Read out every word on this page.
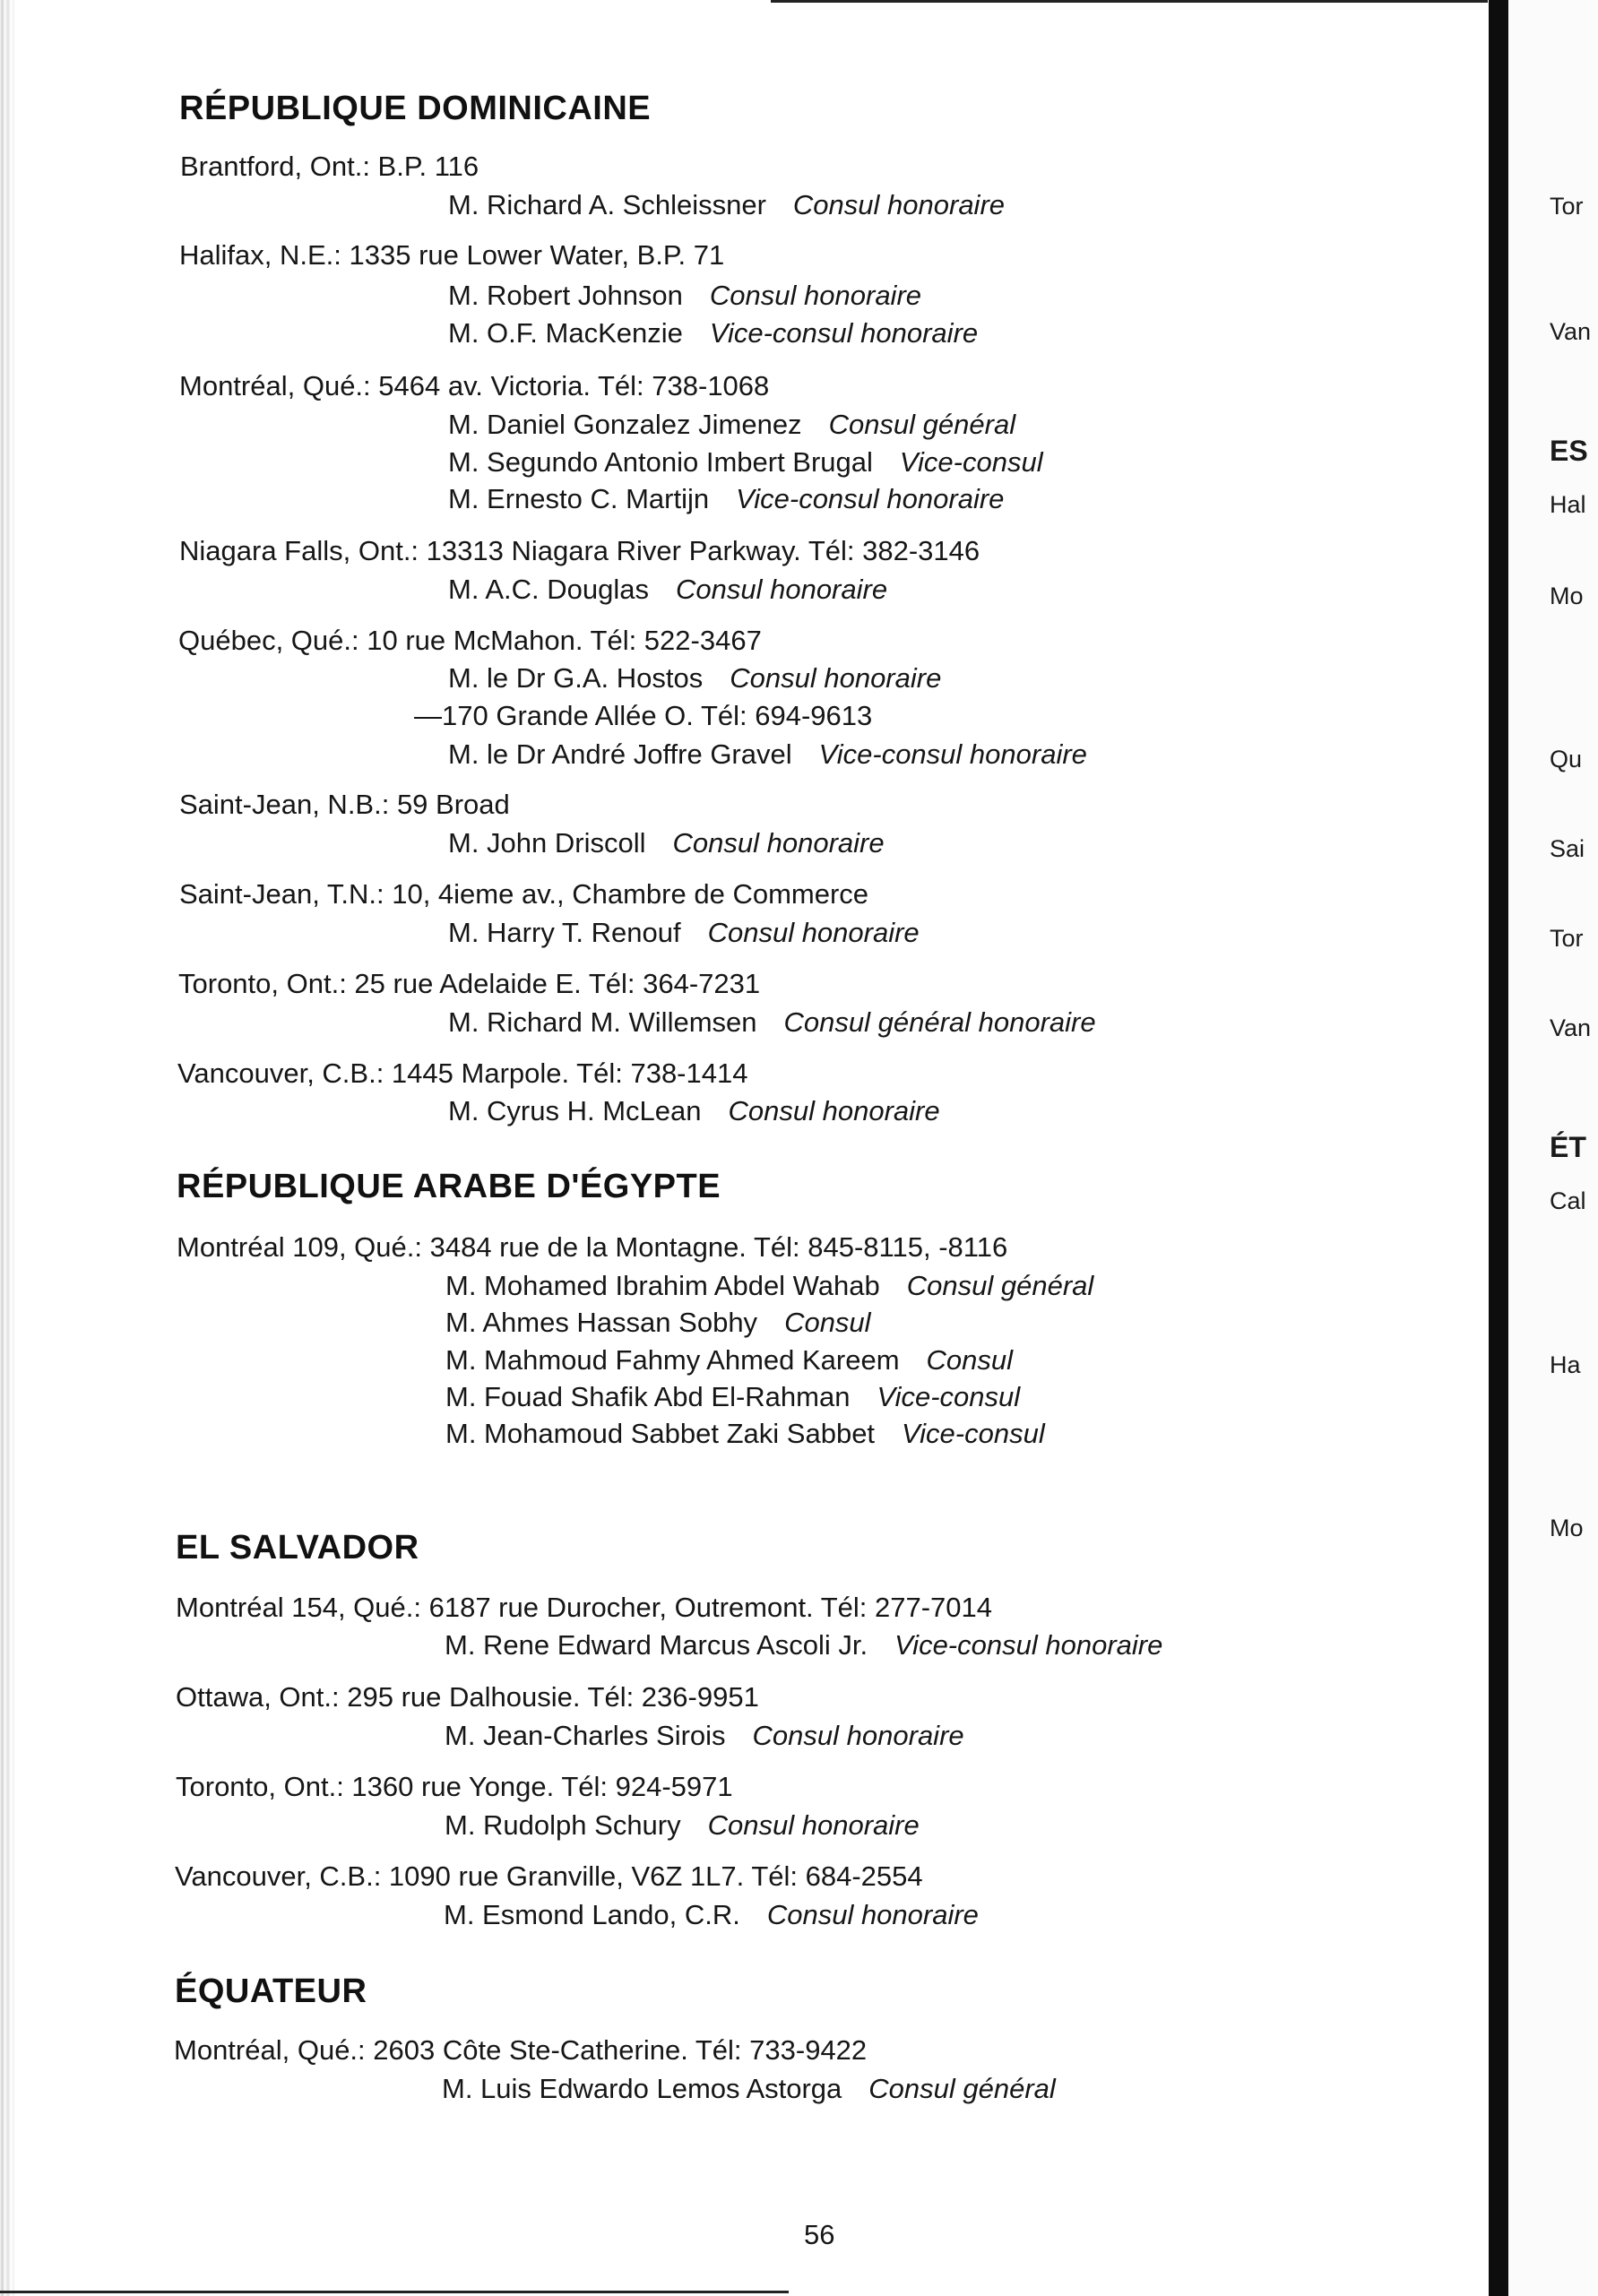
RÉPUBLIQUE DOMINICAINE
Brantford, Ont.: B.P. 116
M. Richard A. Schleissner Consul honoraire
Halifax, N.E.: 1335 rue Lower Water, B.P. 71
M. Robert Johnson Consul honoraire
M. O.F. MacKenzie Vice-consul honoraire
Montréal, Qué.: 5464 av. Victoria. Tél: 738-1068
M. Daniel Gonzalez Jimenez Consul général
M. Segundo Antonio Imbert Brugal Vice-consul
M. Ernesto C. Martijn Vice-consul honoraire
Niagara Falls, Ont.: 13313 Niagara River Parkway. Tél: 382-3146
M. A.C. Douglas Consul honoraire
Québec, Qué.: 10 rue McMahon. Tél: 522-3467
M. le Dr G.A. Hostos Consul honoraire
—170 Grande Allée O. Tél: 694-9613
M. le Dr André Joffre Gravel Vice-consul honoraire
Saint-Jean, N.B.: 59 Broad
M. John Driscoll Consul honoraire
Saint-Jean, T.N.: 10, 4ieme av., Chambre de Commerce
M. Harry T. Renouf Consul honoraire
Toronto, Ont.: 25 rue Adelaide E. Tél: 364-7231
M. Richard M. Willemsen Consul général honoraire
Vancouver, C.B.: 1445 Marpole. Tél: 738-1414
M. Cyrus H. McLean Consul honoraire
RÉPUBLIQUE ARABE D'ÉGYPTE
Montréal 109, Qué.: 3484 rue de la Montagne. Tél: 845-8115, -8116
M. Mohamed Ibrahim Abdel Wahab Consul général
M. Ahmes Hassan Sobhy Consul
M. Mahmoud Fahmy Ahmed Kareem Consul
M. Fouad Shafik Abd El-Rahman Vice-consul
M. Mohamoud Sabbet Zaki Sabbet Vice-consul
EL SALVADOR
Montréal 154, Qué.: 6187 rue Durocher, Outremont. Tél: 277-7014
M. Rene Edward Marcus Ascoli Jr. Vice-consul honoraire
Ottawa, Ont.: 295 rue Dalhousie. Tél: 236-9951
M. Jean-Charles Sirois Consul honoraire
Toronto, Ont.: 1360 rue Yonge. Tél: 924-5971
M. Rudolph Schury Consul honoraire
Vancouver, C.B.: 1090 rue Granville, V6Z 1L7. Tél: 684-2554
M. Esmond Lando, C.R. Consul honoraire
ÉQUATEUR
Montréal, Qué.: 2603 Côte Ste-Catherine. Tél: 733-9422
M. Luis Edwardo Lemos Astorga Consul général
56
Tor
Van
ES
Hal
Mo
Qu
Sai
Tor
Van
ÉT
Cal
Ha
Mo
